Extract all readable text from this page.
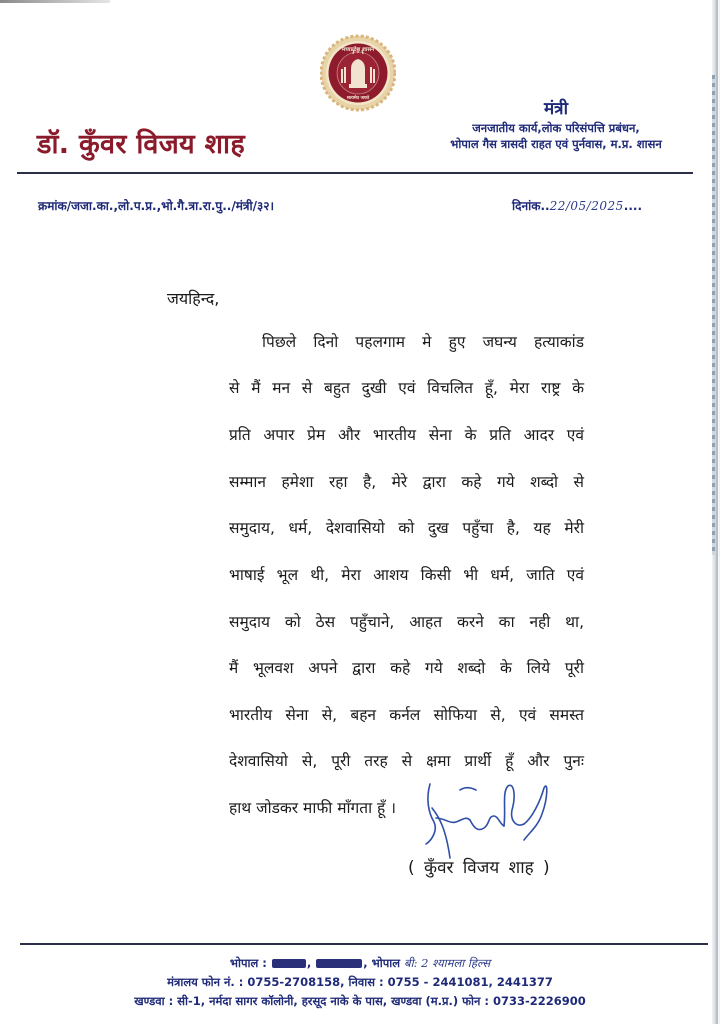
मध्यप्रदेश शासन
सत्यमेव जयते
डॉ. कुँवर विजय शाह
मंत्री
जनजातीय कार्य,लोक परिसंपत्ति प्रबंधन,
भोपाल गैस त्रासदी राहत एवं पुर्नवास, म.प्र. शासन
क्रमांक/जजा.का.,लो.प.प्र.,भो.गै.त्रा.रा.पु../मंत्री/३२।	दिनांक..22/05/2025....
जयहिन्द,
पिछले दिनो पहलगाम मे हुए जघन्य हत्याकांड
से मैं मन से बहुत दुखी एवं विचलित हूँ, मेरा राष्ट्र के
प्रति अपार प्रेम और भारतीय सेना के प्रति आदर एवं
सम्मान हमेशा रहा है, मेरे द्वारा कहे गये शब्दो से
समुदाय, धर्म, देशवासियो को दुख पहुँचा है, यह मेरी
भाषाई भूल थी, मेरा आशय किसी भी धर्म, जाति एवं
समुदाय को ठेस पहुँचाने, आहत करने का नही था,
मैं भूलवश अपने द्वारा कहे गये शब्दो के लिये पूरी
भारतीय सेना से, बहन कर्नल सोफिया से, एवं समस्त
देशवासियो से, पूरी तरह से क्षमा प्रार्थी हूँ और पुनः
हाथ जोडकर माफी माँगता हूँ ।
( कुँवर विजय शाह )
भोपाल :	,	, भोपाल बी: 2 श्यामला हिल्स
मंत्रालय फोन नं. : 0755-2708158, निवास : 0755 - 2441081, 2441377
खण्डवा : सी-1, नर्मदा सागर कॉलोनी, हरसूद नाके के पास, खण्डवा (म.प्र.) फोन : 0733-2226900
